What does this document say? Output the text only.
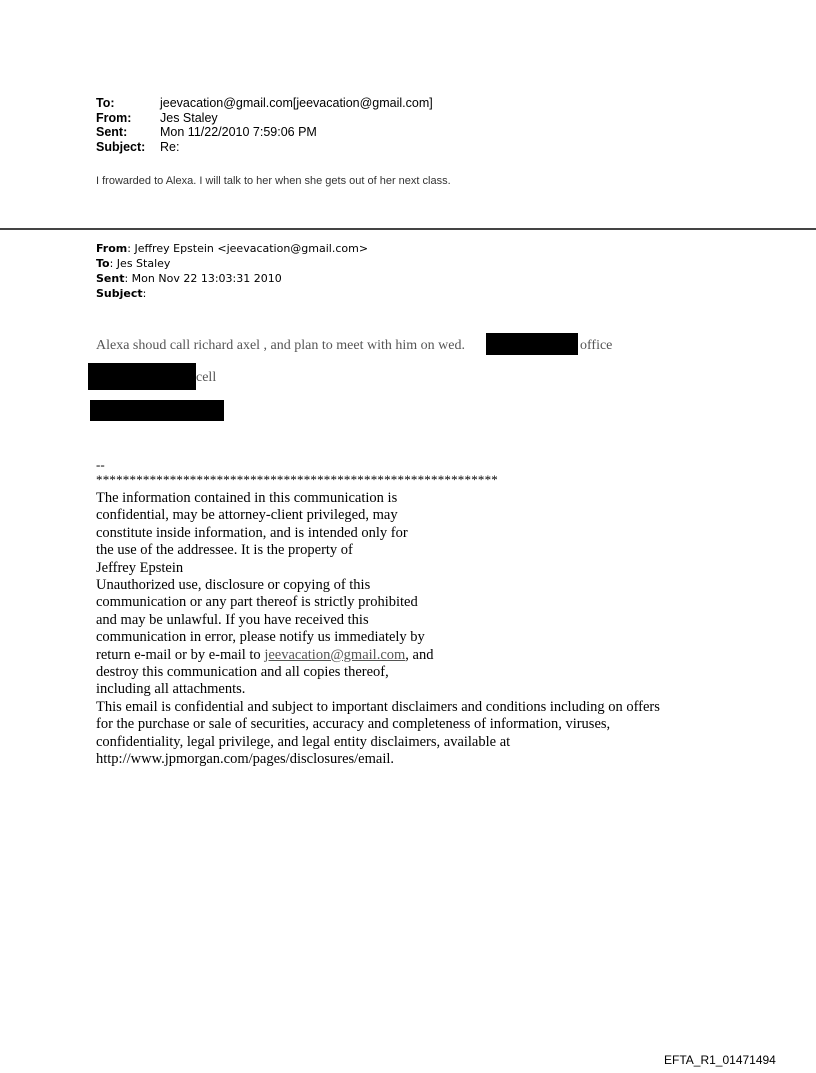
To:	jeevacation@gmail.com[jeevacation@gmail.com]
From:	Jes Staley
Sent:	Mon 11/22/2010 7:59:06 PM
Subject:	Re:
I frowarded to Alexa. I will talk to her when she gets out of her next class.
From: Jeffrey Epstein <jeevacation@gmail.com>
To: Jes Staley
Sent: Mon Nov 22 13:03:31 2010
Subject:
Alexa shoud call richard axel , and plan to meet with him on wed.	office
cell
--
************************************************************
The information contained in this communication is
confidential, may be attorney-client privileged, may
constitute inside information, and is intended only for
the use of the addressee. It is the property of
Jeffrey Epstein
Unauthorized use, disclosure or copying of this
communication or any part thereof is strictly prohibited
and may be unlawful. If you have received this
communication in error, please notify us immediately by
return e-mail or by e-mail to jeevacation@gmail.com, and
destroy this communication and all copies thereof,
including all attachments.
This email is confidential and subject to important disclaimers and conditions including on offers
for the purchase or sale of securities, accuracy and completeness of information, viruses,
confidentiality, legal privilege, and legal entity disclaimers, available at
http://www.jpmorgan.com/pages/disclosures/email.
EFTA_R1_01471494
